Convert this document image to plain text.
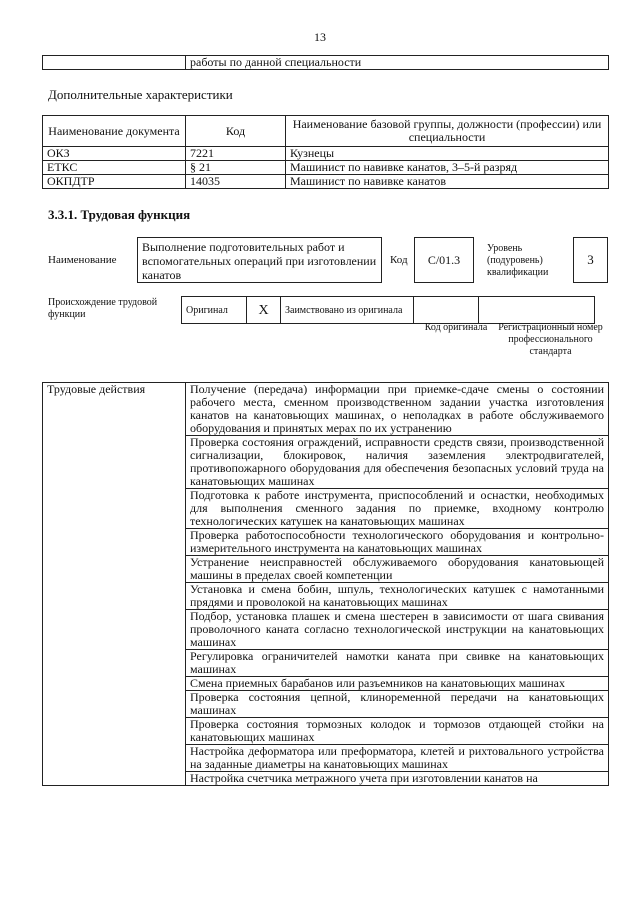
13
	работы по данной специальности
Дополнительные характеристики
Наименование документа	Код	Наименование базовой группы, должности (профессии) или специальности
ОКЗ	7221	Кузнецы
ЕТКС	§ 21	Машинист по навивке канатов, 3–5-й разряд
ОКПДТР	14035	Машинист по навивке канатов
3.3.1. Трудовая функция
Наименование
Выполнение подготовительных работ и вспомогательных операций при изготовлении канатов
Код	С/01.3
Уровень (подуровень) квалификации
3
Происхождение трудовой функции	Оригинал	X	Заимствовано из оригинала		
Код оригинала	Регистрационный номер профессионального стандарта
Трудовые действия	Получение (передача) информации при приемке-сдаче смены о состоянии рабочего места, сменном производственном задании участка изготовления канатов на канатовьющих машинах, о неполадках в работе обслуживаемого оборудования и принятых мерах по их устранению
Проверка состояния ограждений, исправности средств связи, производственной сигнализации, блокировок, наличия заземления электродвигателей, противопожарного оборудования для обеспечения безопасных условий труда на канатовьющих машинах
Подготовка к работе инструмента, приспособлений и оснастки, необходимых для выполнения сменного задания по приемке, входному контролю технологических катушек на канатовьющих машинах
Проверка работоспособности технологического оборудования и контрольно-измерительного инструмента на канатовьющих машинах
Устранение неисправностей обслуживаемого оборудования канатовьющей машины в пределах своей компетенции
Установка и смена бобин, шпуль, технологических катушек с намотанными прядями и проволокой на канатовьющих машинах
Подбор, установка плашек и смена шестерен в зависимости от шага свивания проволочного каната согласно технологической инструкции на канатовьющих машинах
Регулировка ограничителей намотки каната при свивке на канатовьющих машинах
Смена приемных барабанов или разъемников на канатовьющих машинах
Проверка состояния цепной, клиноременной передачи на канатовьющих машинах
Проверка состояния тормозных колодок и тормозов отдающей стойки на канатовьющих машинах
Настройка деформатора или преформатора, клетей и рихтовального устройства на заданные диаметры на канатовьющих машинах
Настройка счетчика метражного учета при изготовлении канатов на
